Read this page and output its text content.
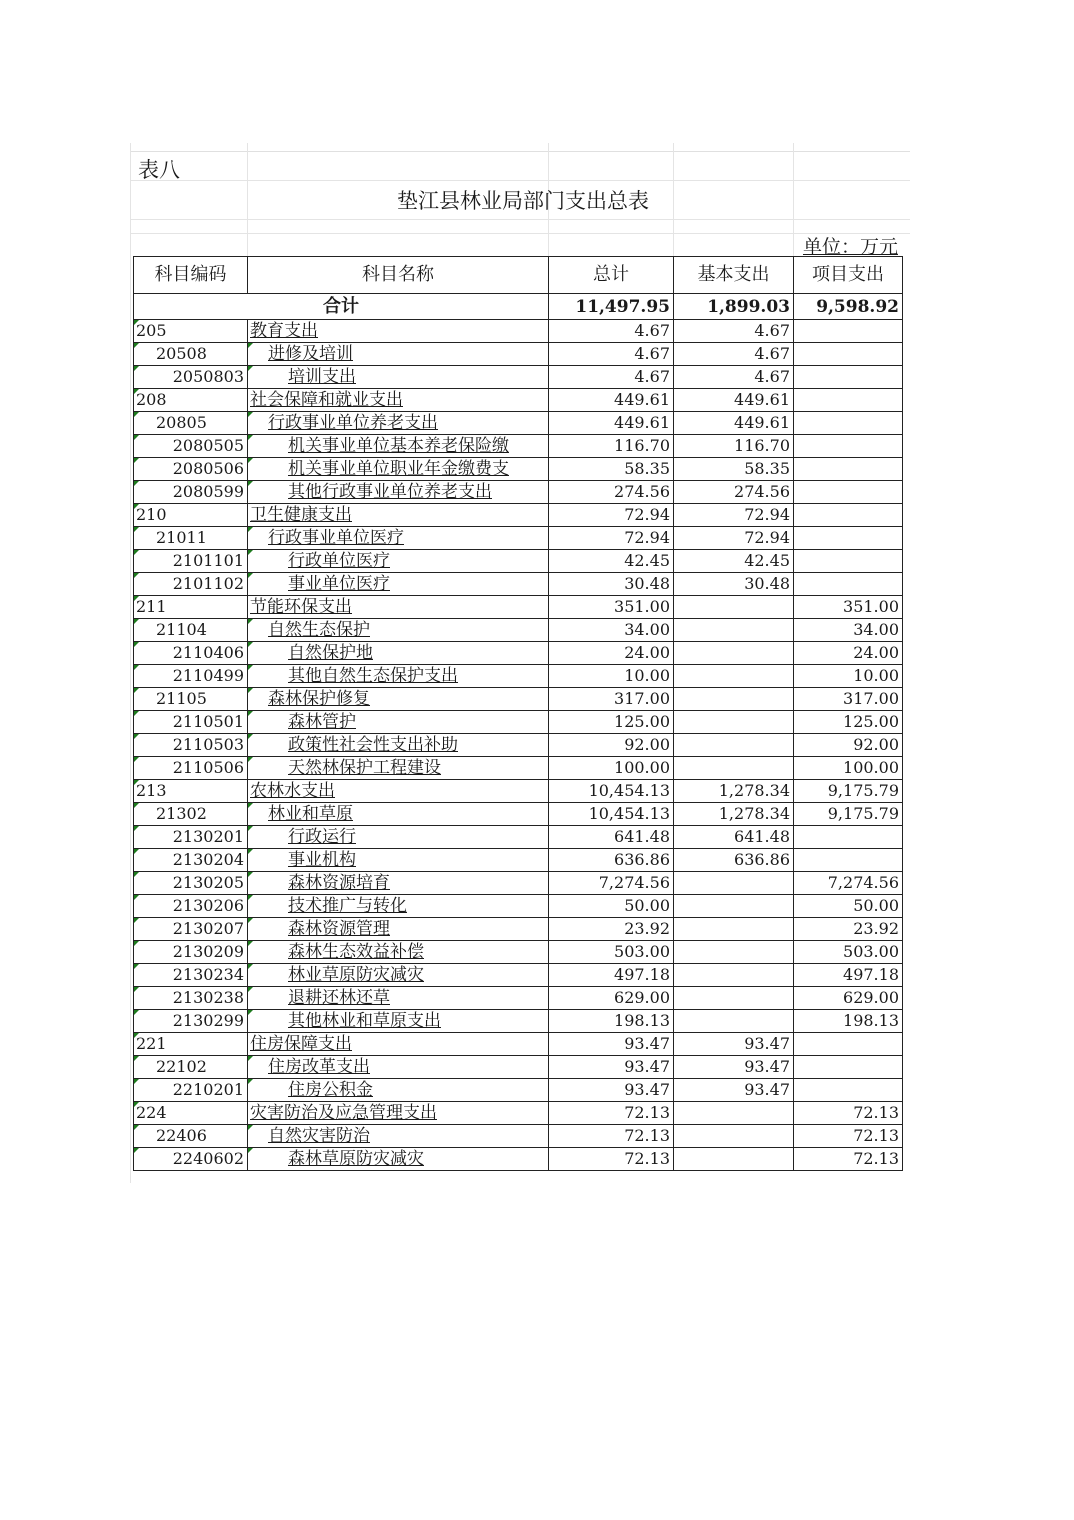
表八
垫江县林业局部门支出总表
单位：万元
科目编码	科目名称	总计	基本支出	项目支出
合计		11,497.95	1,899.03	9,598.92

205	教育支出	4.67	4.67	

20508	进修及培训	4.67	4.67	

2050803	培训支出	4.67	4.67	

208	社会保障和就业支出	449.61	449.61	

20805	行政事业单位养老支出	449.61	449.61	

2080505	机关事业单位基本养老保险缴	116.70	116.70	

2080506	机关事业单位职业年金缴费支	58.35	58.35	

2080599	其他行政事业单位养老支出	274.56	274.56	

210	卫生健康支出	72.94	72.94	

21011	行政事业单位医疗	72.94	72.94	

2101101	行政单位医疗	42.45	42.45	

2101102	事业单位医疗	30.48	30.48	

211	节能环保支出	351.00		351.00

21104	自然生态保护	34.00		34.00

2110406	自然保护地	24.00		24.00

2110499	其他自然生态保护支出	10.00		10.00

21105	森林保护修复	317.00		317.00

2110501	森林管护	125.00		125.00

2110503	政策性社会性支出补助	92.00		92.00

2110506	天然林保护工程建设	100.00		100.00

213	农林水支出	10,454.13	1,278.34	9,175.79

21302	林业和草原	10,454.13	1,278.34	9,175.79

2130201	行政运行	641.48	641.48	

2130204	事业机构	636.86	636.86	

2130205	森林资源培育	7,274.56		7,274.56

2130206	技术推广与转化	50.00		50.00

2130207	森林资源管理	23.92		23.92

2130209	森林生态效益补偿	503.00		503.00

2130234	林业草原防灾减灾	497.18		497.18

2130238	退耕还林还草	629.00		629.00

2130299	其他林业和草原支出	198.13		198.13

221	住房保障支出	93.47	93.47	

22102	住房改革支出	93.47	93.47	

2210201	住房公积金	93.47	93.47	

224	灾害防治及应急管理支出	72.13		72.13

22406	自然灾害防治	72.13		72.13

2240602	森林草原防灾减灾	72.13		72.13
